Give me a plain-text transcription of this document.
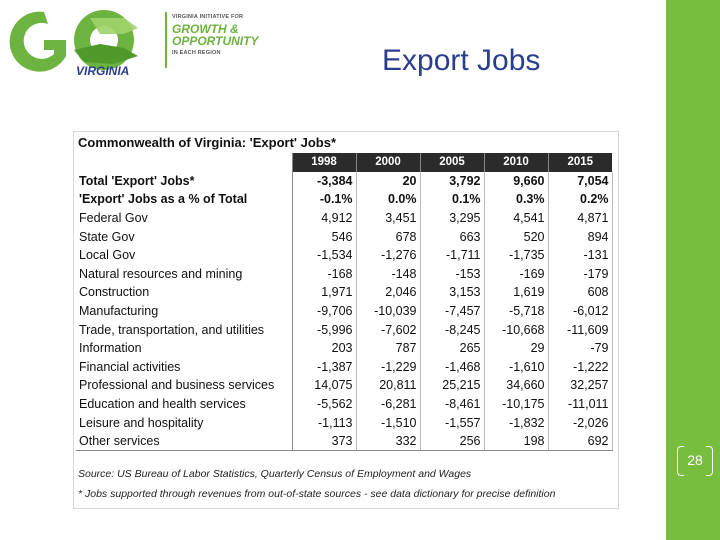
VIRGINIA
VIRGINIA INITIATIVE FOR
GROWTH &
OPPORTUNITY
IN EACH REGION	Export Jobs
28
Commonwealth of Virginia: 'Export' Jobs*
	1998	2000	2005	2010	2015
Total 'Export' Jobs*	-3,384	20	3,792	9,660	7,054
'Export' Jobs as a % of Total	-0.1%	0.0%	0.1%	0.3%	0.2%
Federal Gov	4,912	3,451	3,295	4,541	4,871
State Gov	546	678	663	520	894
Local Gov	-1,534	-1,276	-1,711	-1,735	-131
Natural resources and mining	-168	-148	-153	-169	-179
Construction	1,971	2,046	3,153	1,619	608
Manufacturing	-9,706	-10,039	-7,457	-5,718	-6,012
Trade, transportation, and utilities	-5,996	-7,602	-8,245	-10,668	-11,609
Information	203	787	265	29	-79
Financial activities	-1,387	-1,229	-1,468	-1,610	-1,222
Professional and business services	14,075	20,811	25,215	34,660	32,257
Education and health services	-5,562	-6,281	-8,461	-10,175	-11,011
Leisure and hospitality	-1,113	-1,510	-1,557	-1,832	-2,026
Other services	373	332	256	198	692
Source: US Bureau of Labor Statistics, Quarterly Census of Employment and Wages
* Jobs supported through revenues from out-of-state sources - see data dictionary for precise definition
